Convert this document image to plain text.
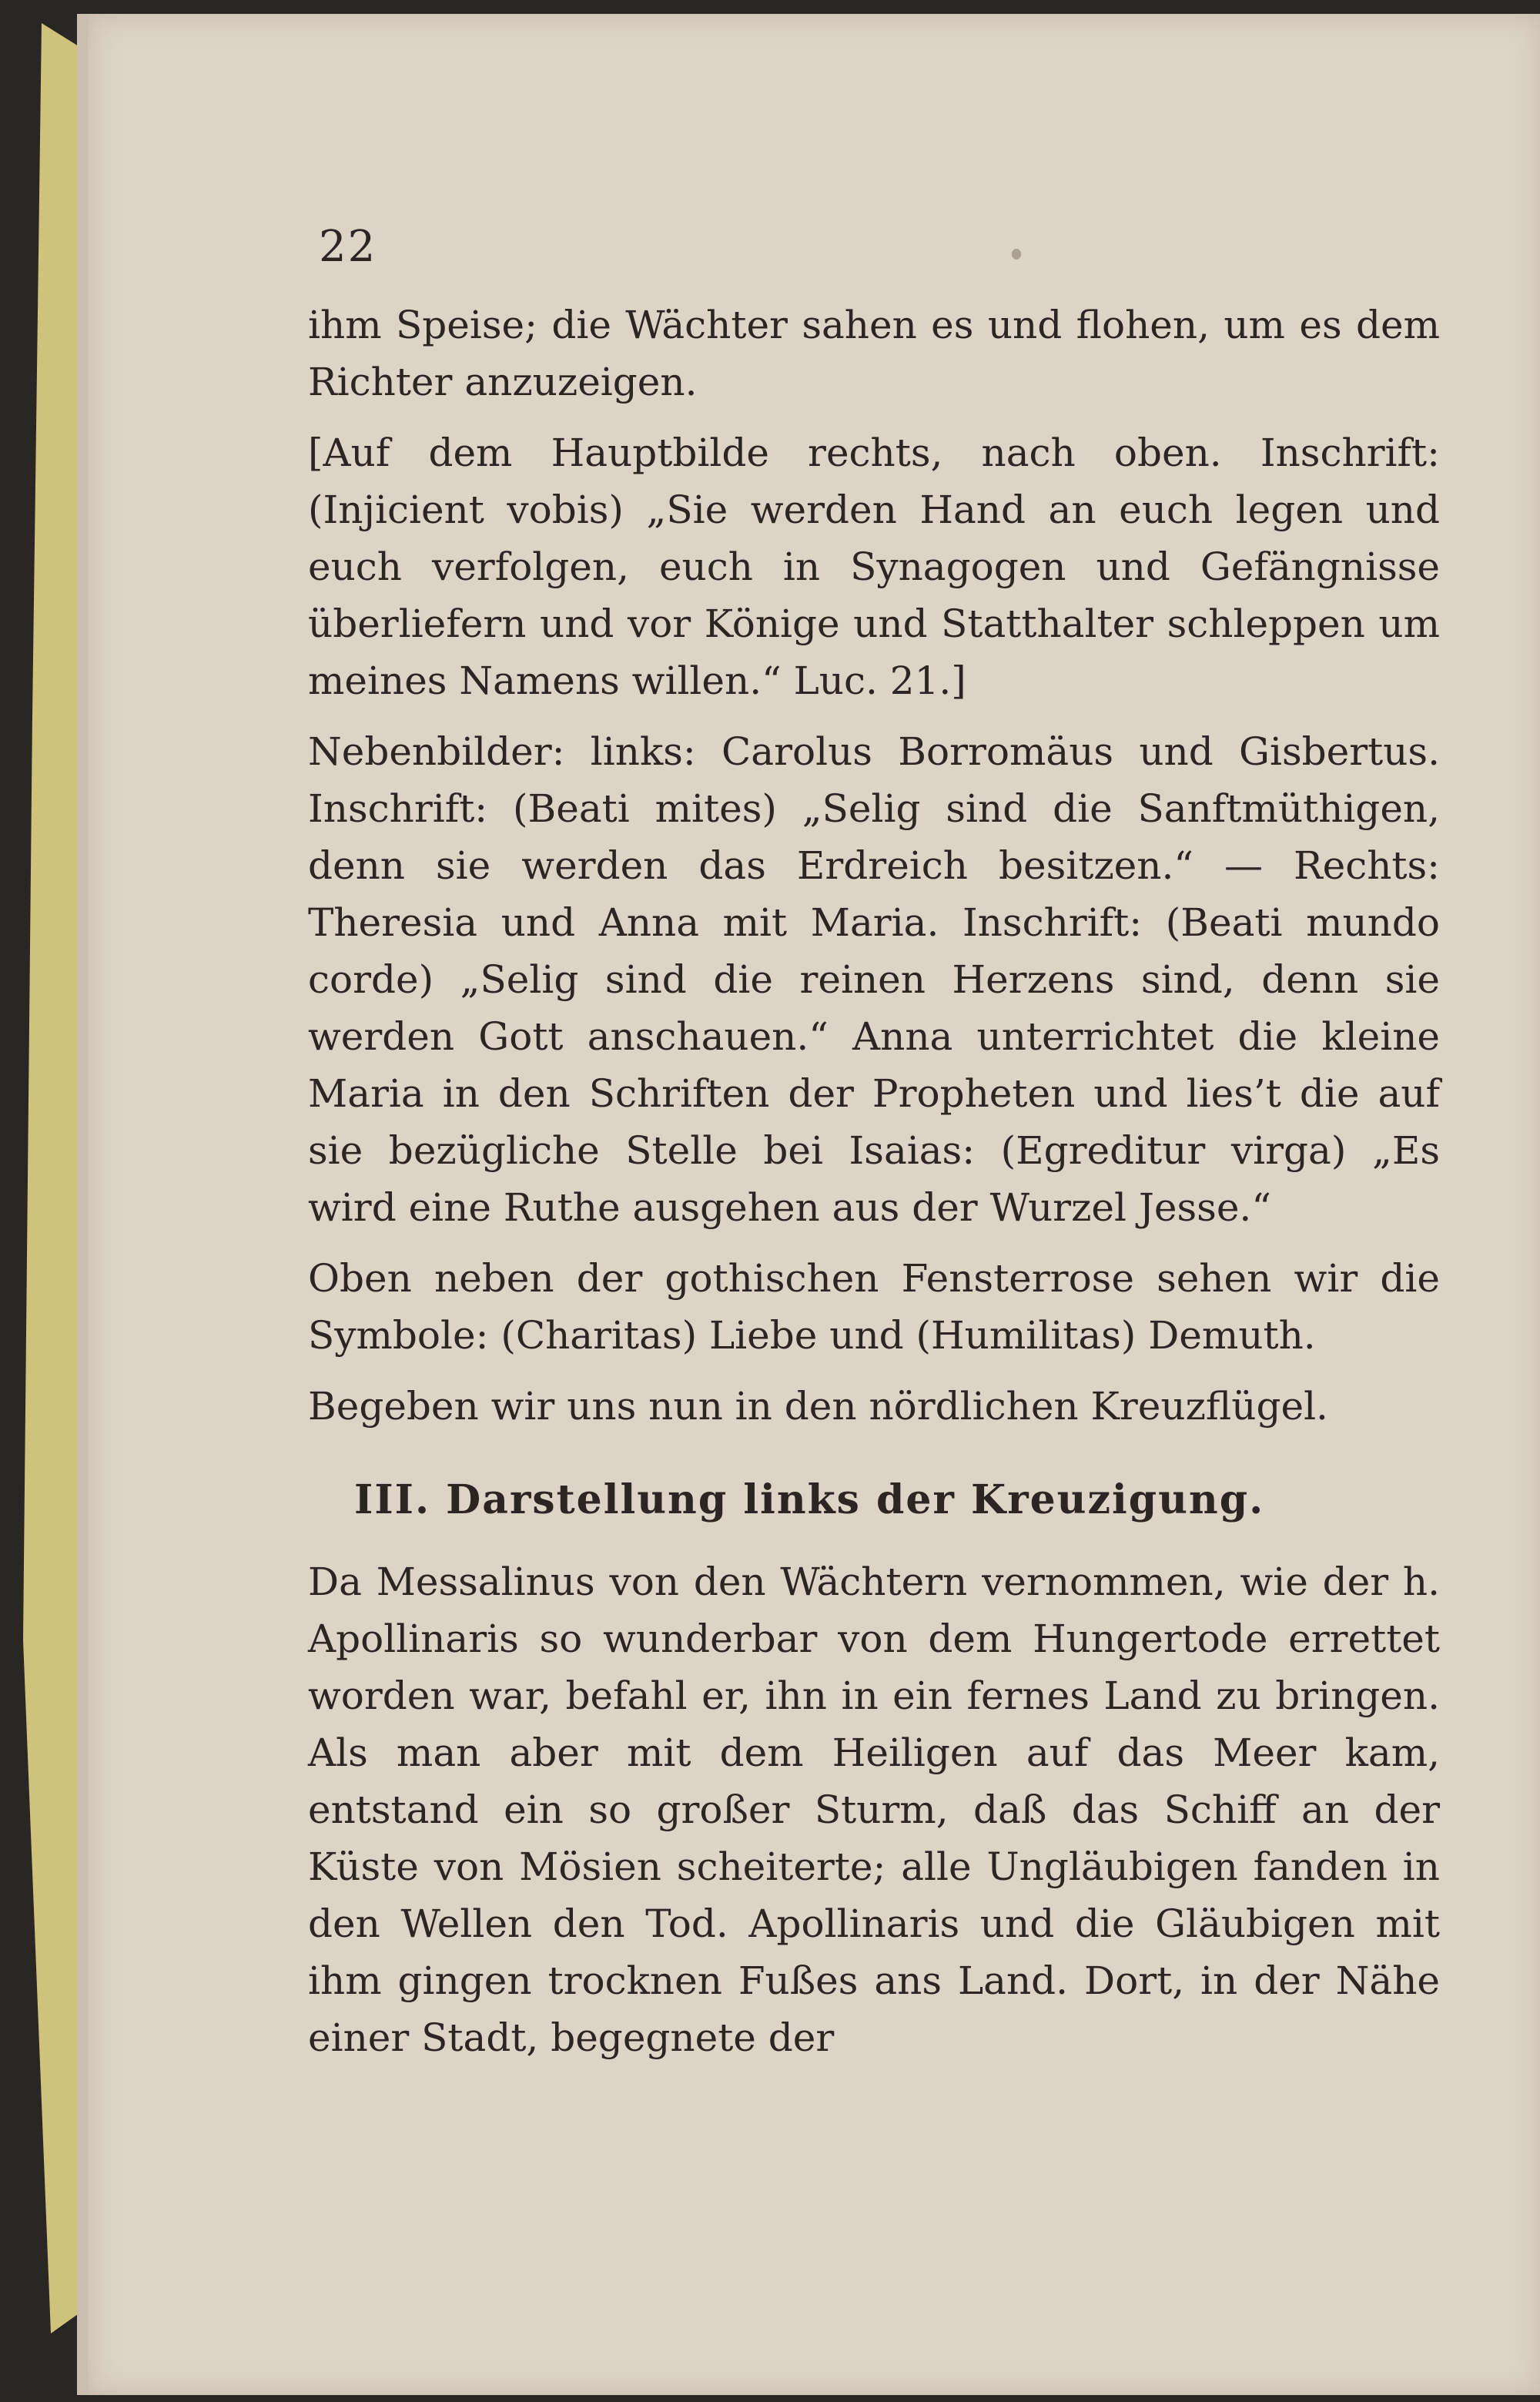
22

ihm Speise; die Wächter sahen es und flohen, um es dem Richter anzuzeigen.

[Auf dem Hauptbilde rechts, nach oben. Inschrift: (Injicient vobis) „Sie werden Hand an euch legen und euch verfolgen, euch in Synagogen und Gefängnisse überliefern und vor Könige und Statthalter schleppen um meines Namens willen.“ Luc. 21.]

Nebenbilder: links: Carolus Borromäus und Gisbertus. Inschrift: (Beati mites) „Selig sind die Sanftmüthigen, denn sie werden das Erdreich besitzen.“ — Rechts: Theresia und Anna mit Maria. Inschrift: (Beati mundo corde) „Selig sind die reinen Herzens sind, denn sie werden Gott anschauen.“ Anna unterrichtet die kleine Maria in den Schriften der Propheten und lies’t die auf sie bezügliche Stelle bei Isaias: (Egreditur virga) „Es wird eine Ruthe ausgehen aus der Wurzel Jesse.“

Oben neben der gothischen Fensterrose sehen wir die Symbole: (Charitas) Liebe und (Humilitas) Demuth.

Begeben wir uns nun in den nördlichen Kreuzflügel.

III. Darstellung links der Kreuzigung.

Da Messalinus von den Wächtern vernommen, wie der h. Apollinaris so wunderbar von dem Hungertode errettet worden war, befahl er, ihn in ein fernes Land zu bringen. Als man aber mit dem Heiligen auf das Meer kam, entstand ein so großer Sturm, daß das Schiff an der Küste von Mösien scheiterte; alle Ungläubigen fanden in den Wellen den Tod. Apollinaris und die Gläubigen mit ihm gingen trocknen Fußes ans Land. Dort, in der Nähe einer Stadt, begegnete der
